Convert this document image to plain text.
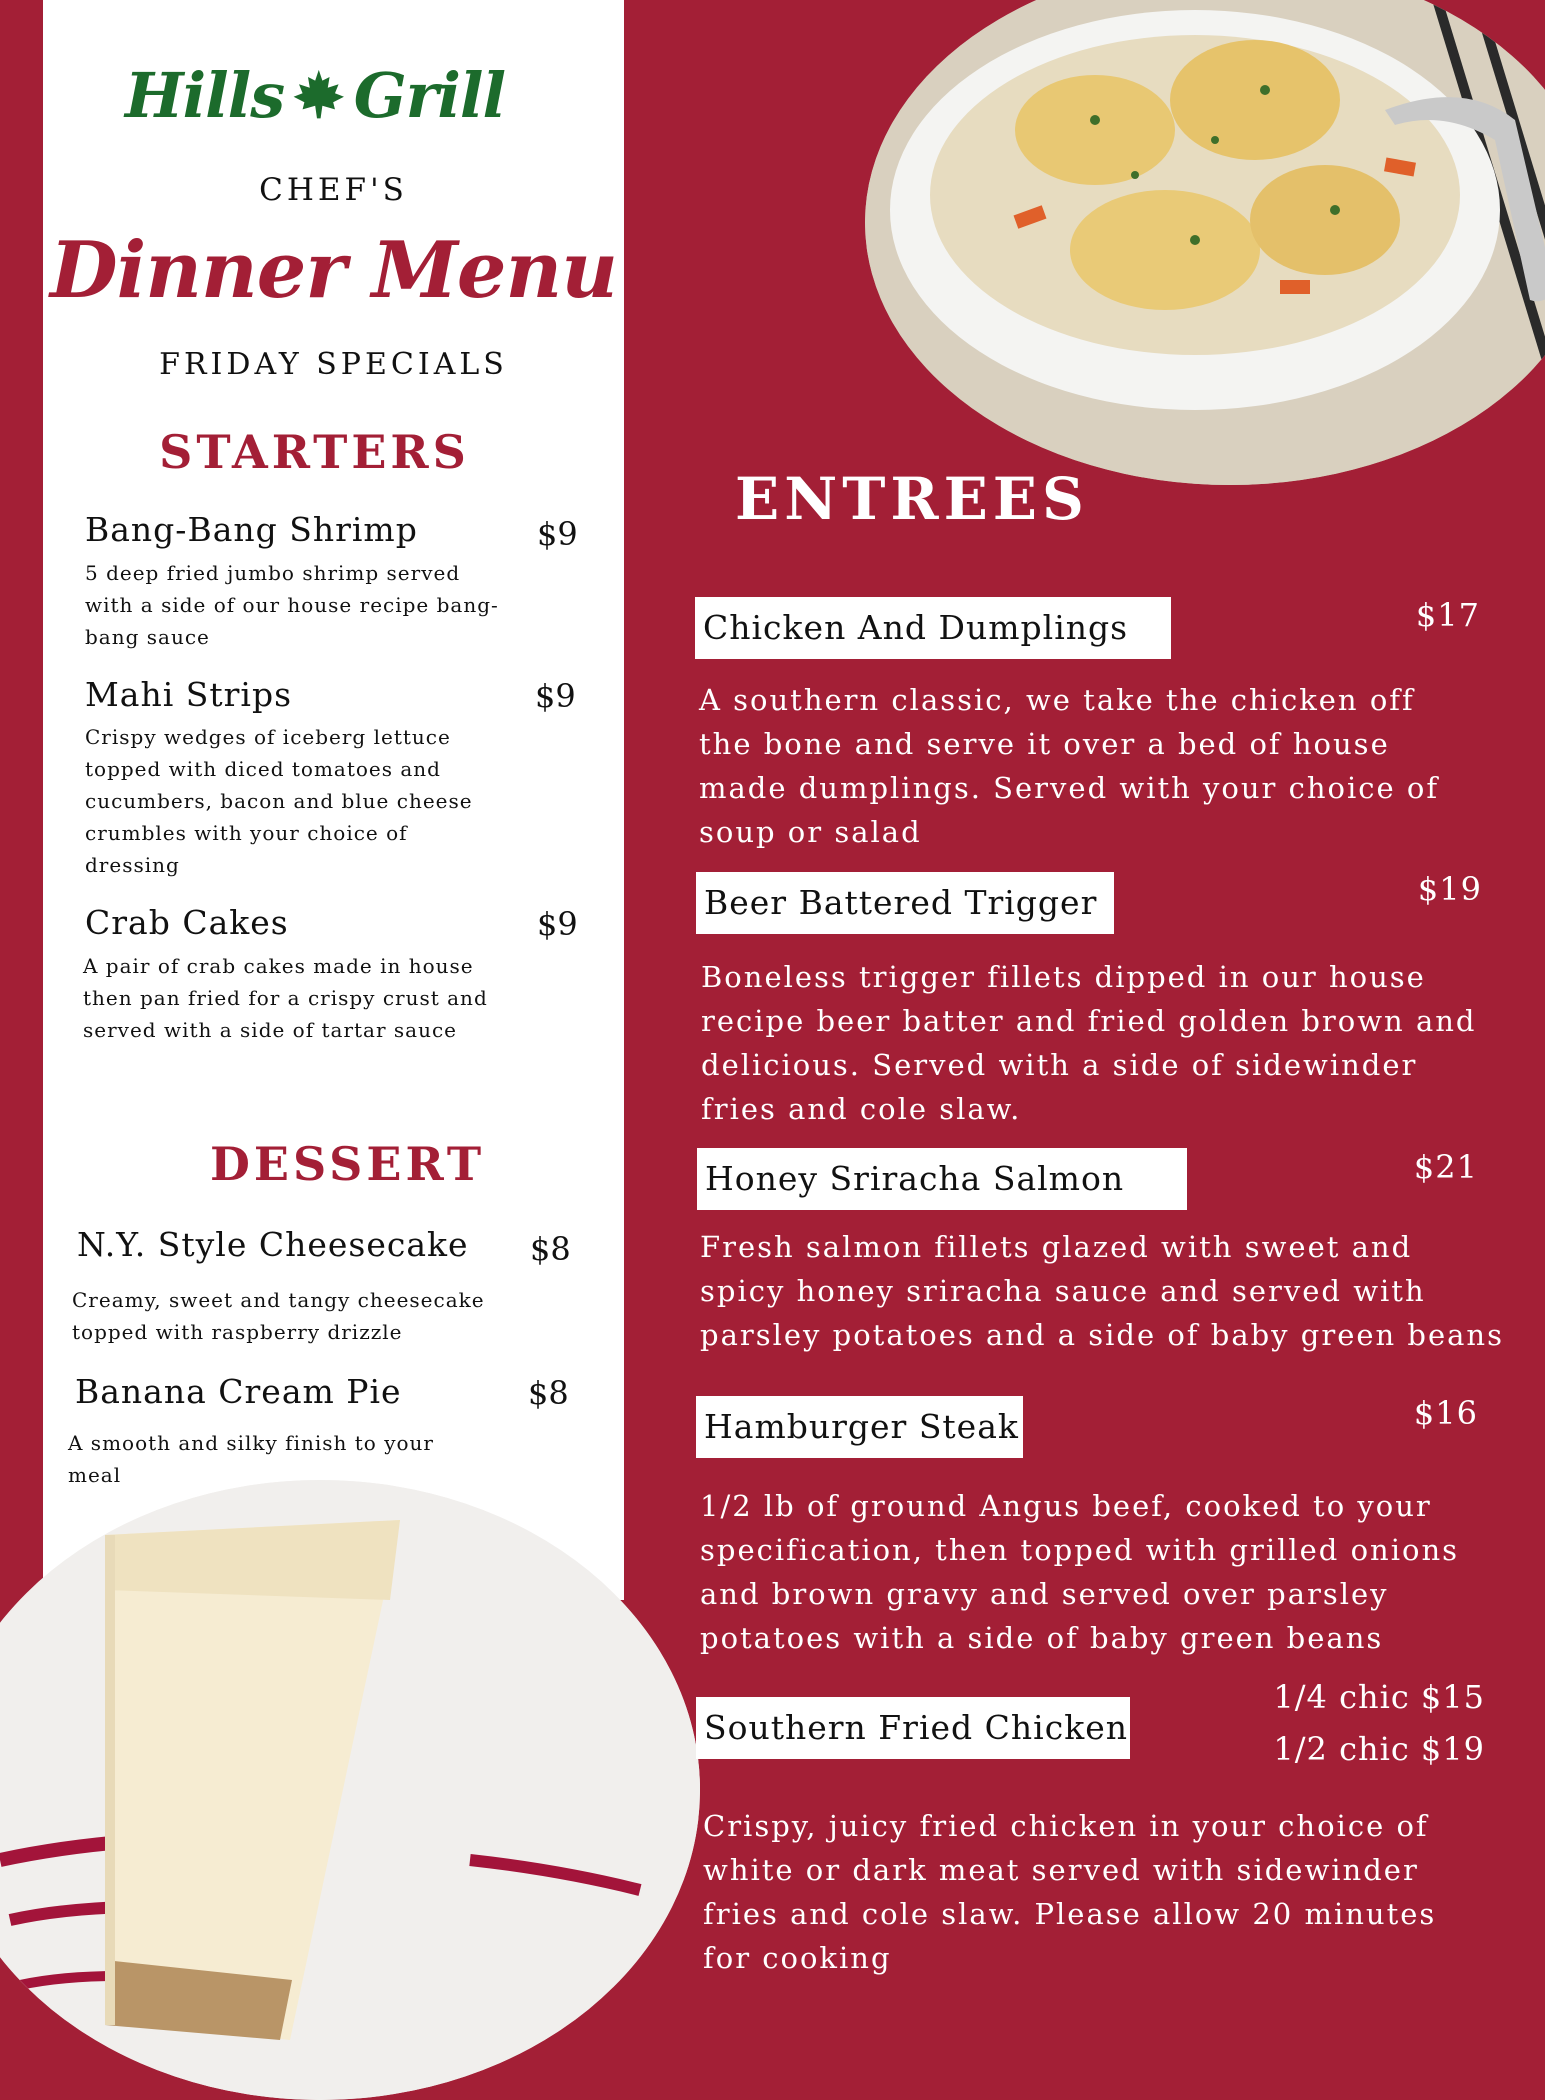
Hills Grill
CHEF'S
Dinner Menu
FRIDAY SPECIALS
STARTERS
Bang-Bang Shrimp	$9
5 deep fried jumbo shrimp served
with a side of our house recipe bang-
bang sauce
Mahi Strips	$9
Crispy wedges of iceberg lettuce
topped with diced tomatoes and
cucumbers, bacon and blue cheese
crumbles with your choice of
dressing
Crab Cakes	$9
A pair of crab cakes made in house
then pan fried for a crispy crust and
served with a side of tartar sauce
DESSERT
N.Y. Style Cheesecake $8
Creamy, sweet and tangy cheesecake
topped with raspberry drizzle
Banana Cream Pie	$8
A smooth and silky finish to your
meal
ENTREES
Chicken And Dumplings	$17
A southern classic, we take the chicken off
the bone and serve it over a bed of house
made dumplings. Served with your choice of
soup or salad
Beer Battered Trigger	$19
Boneless trigger fillets dipped in our house
recipe beer batter and fried golden brown and
delicious. Served with a side of sidewinder
fries and cole slaw.
Honey Sriracha Salmon	$21
Fresh salmon fillets glazed with sweet and
spicy honey sriracha sauce and served with
parsley potatoes and a side of baby green beans
Hamburger Steak	$16
1/2 lb of ground Angus beef, cooked to your
specification, then topped with grilled onions
and brown gravy and served over parsley
potatoes with a side of baby green beans
Southern Fried Chicken
1/4 chic $15
1/2 chic $19
Crispy, juicy fried chicken in your choice of
white or dark meat served with sidewinder
fries and cole slaw. Please allow 20 minutes
for cooking
